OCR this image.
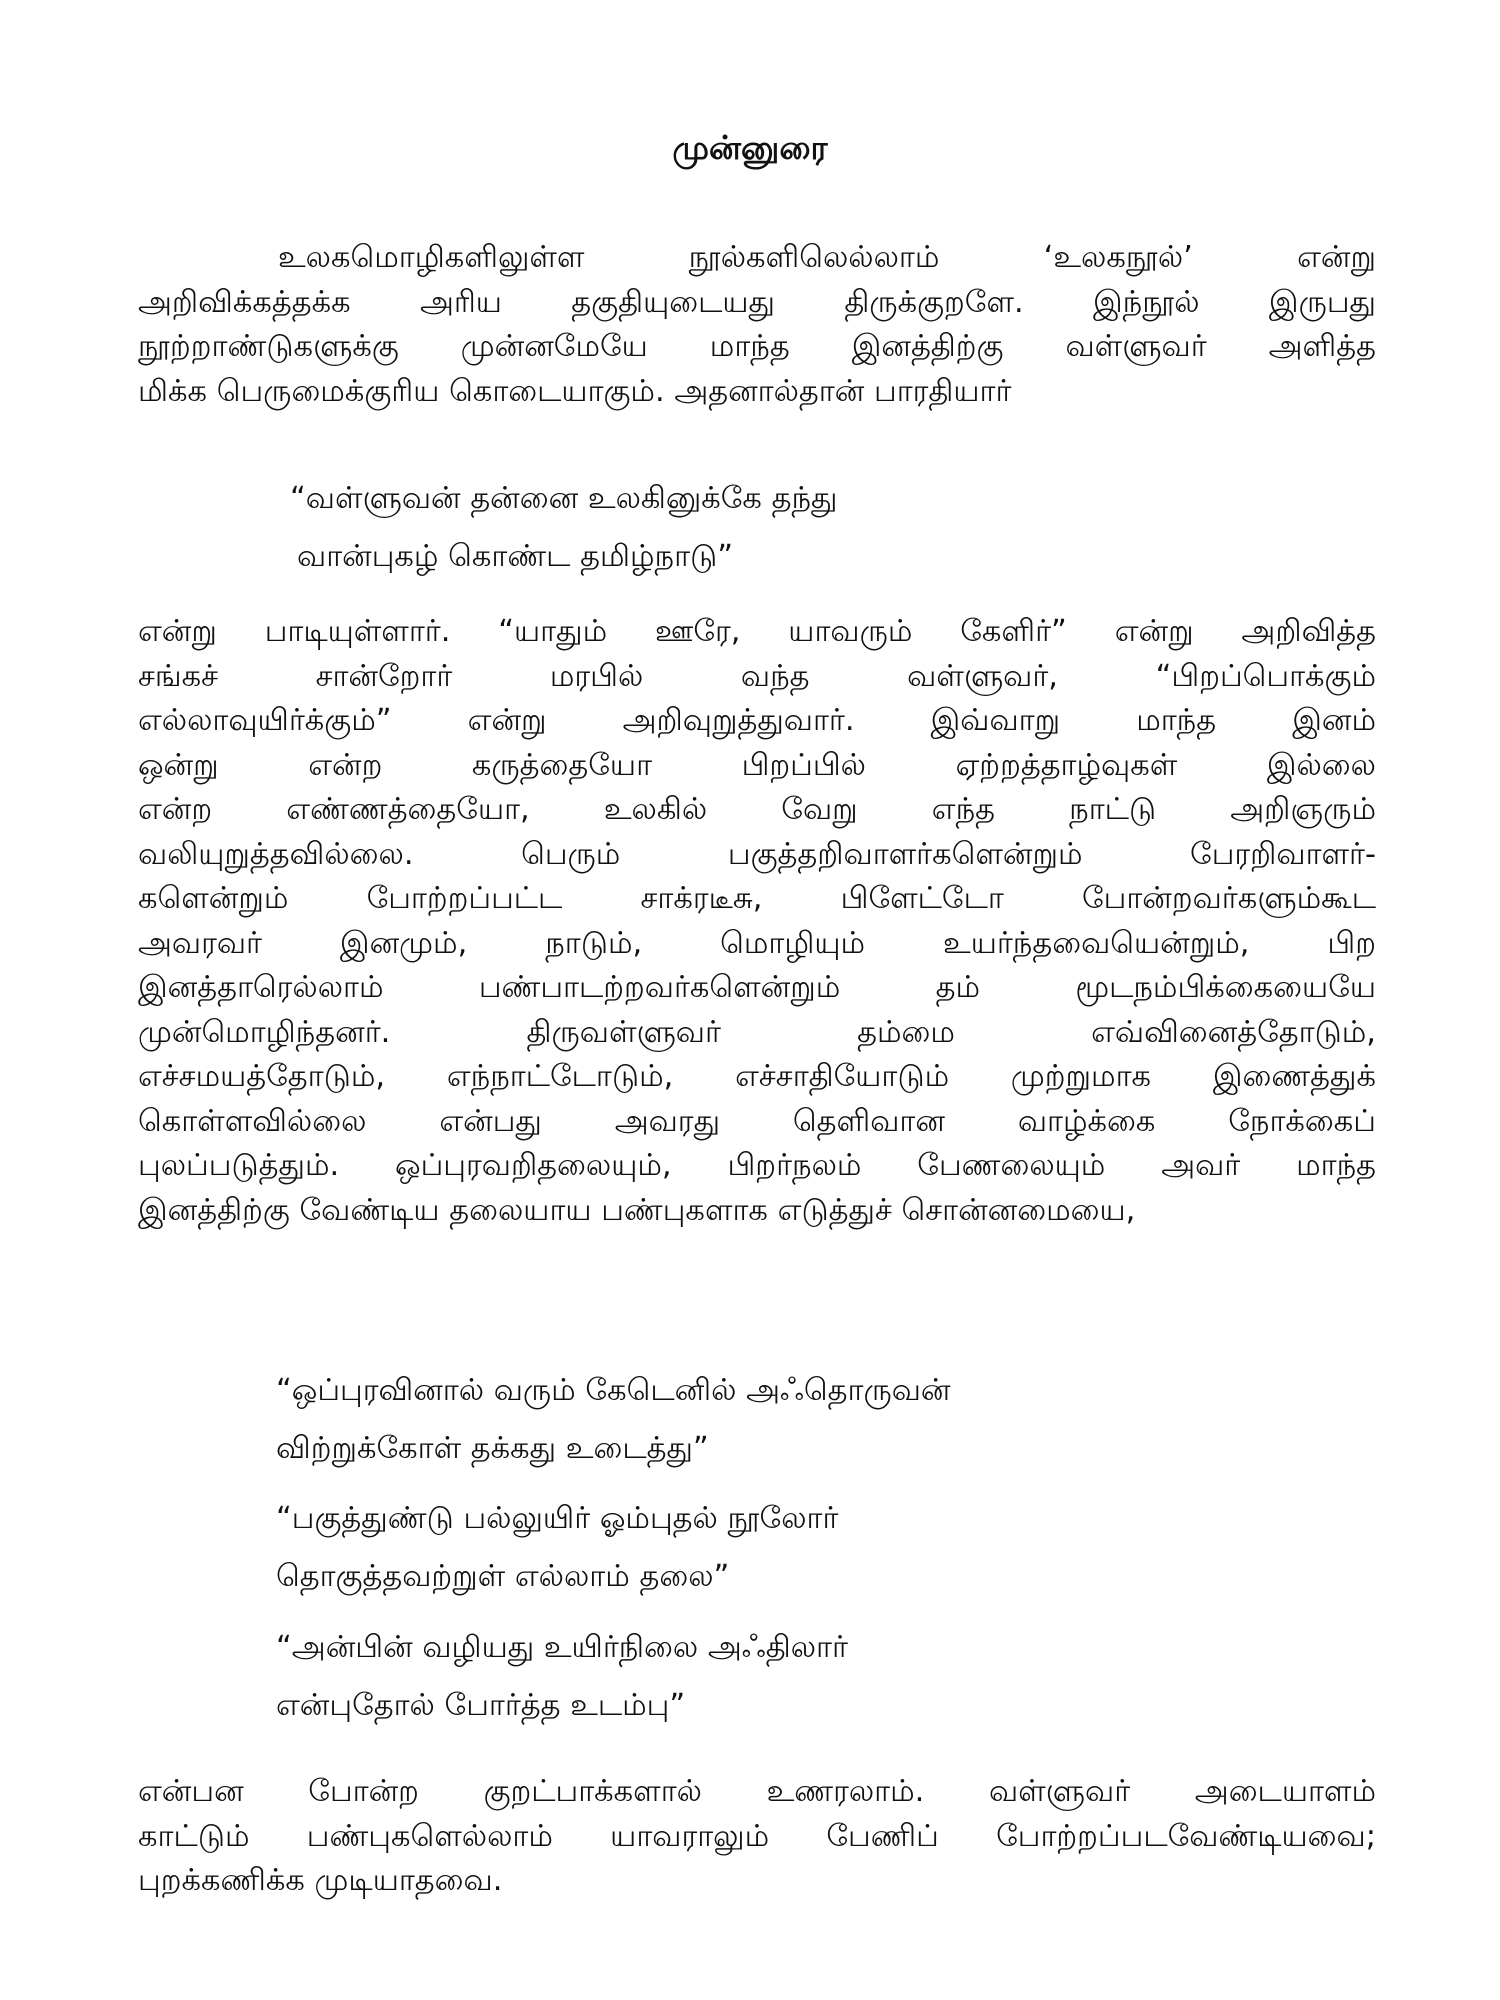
முன்னுரை

உலகமொழிகளிலுள்ள நூல்களிலெல்லாம் ‘உலகநூல்’ என்று
அறிவிக்கத்தக்க அரிய தகுதியுடையது திருக்குறளே. இந்நூல் இருபது
நூற்றாண்டுகளுக்கு முன்னமேயே மாந்த இனத்திற்கு வள்ளுவர் அளித்த
மிக்க பெருமைக்குரிய கொடையாகும். அதனால்தான் பாரதியார்

“வள்ளுவன் தன்னை உலகினுக்கே தந்து
வான்புகழ் கொண்ட தமிழ்நாடு”

என்று பாடியுள்ளார். “யாதும் ஊரே, யாவரும் கேளிர்” என்று அறிவித்த
சங்கச் சான்றோர் மரபில் வந்த வள்ளுவர், “பிறப்பொக்கும்
எல்லாவுயிர்க்கும்” என்று அறிவுறுத்துவார். இவ்வாறு மாந்த இனம்
ஒன்று என்ற கருத்தையோ பிறப்பில் ஏற்றத்தாழ்வுகள் இல்லை
என்ற எண்ணத்தையோ, உலகில் வேறு எந்த நாட்டு அறிஞரும்
வலியுறுத்தவில்லை. பெரும் பகுத்தறிவாளர்களென்றும் பேரறிவாளர்-
களென்றும் போற்றப்பட்ட சாக்ரடீசு, பிளேட்டோ போன்றவர்களும்கூட
அவரவர் இனமும், நாடும், மொழியும் உயர்ந்தவையென்றும், பிற
இனத்தாரெல்லாம் பண்பாடற்றவர்களென்றும் தம் மூடநம்பிக்கையையே
முன்மொழிந்தனர். திருவள்ளுவர் தம்மை எவ்வினைத்தோடும்,
எச்சமயத்தோடும், எந்நாட்டோடும், எச்சாதியோடும் முற்றுமாக இணைத்துக்
கொள்ளவில்லை என்பது அவரது தெளிவான வாழ்க்கை நோக்கைப்
புலப்படுத்தும். ஒப்புரவறிதலையும், பிறர்நலம் பேணலையும் அவர் மாந்த
இனத்திற்கு வேண்டிய தலையாய பண்புகளாக எடுத்துச் சொன்னமையை,

“ஒப்புரவினால் வரும் கேடெனில் அஃதொருவன்
விற்றுக்கோள் தக்கது உடைத்து”
“பகுத்துண்டு பல்லுயிர் ஓம்புதல் நூலோர்
தொகுத்தவற்றுள் எல்லாம் தலை”
“அன்பின் வழியது உயிர்நிலை அஃதிலார்
என்புதோல் போர்த்த உடம்பு”

என்பன போன்ற குறட்பாக்களால் உணரலாம். வள்ளுவர் அடையாளம்
காட்டும் பண்புகளெல்லாம் யாவராலும் பேணிப் போற்றப்படவேண்டியவை;
புறக்கணிக்க முடியாதவை.
